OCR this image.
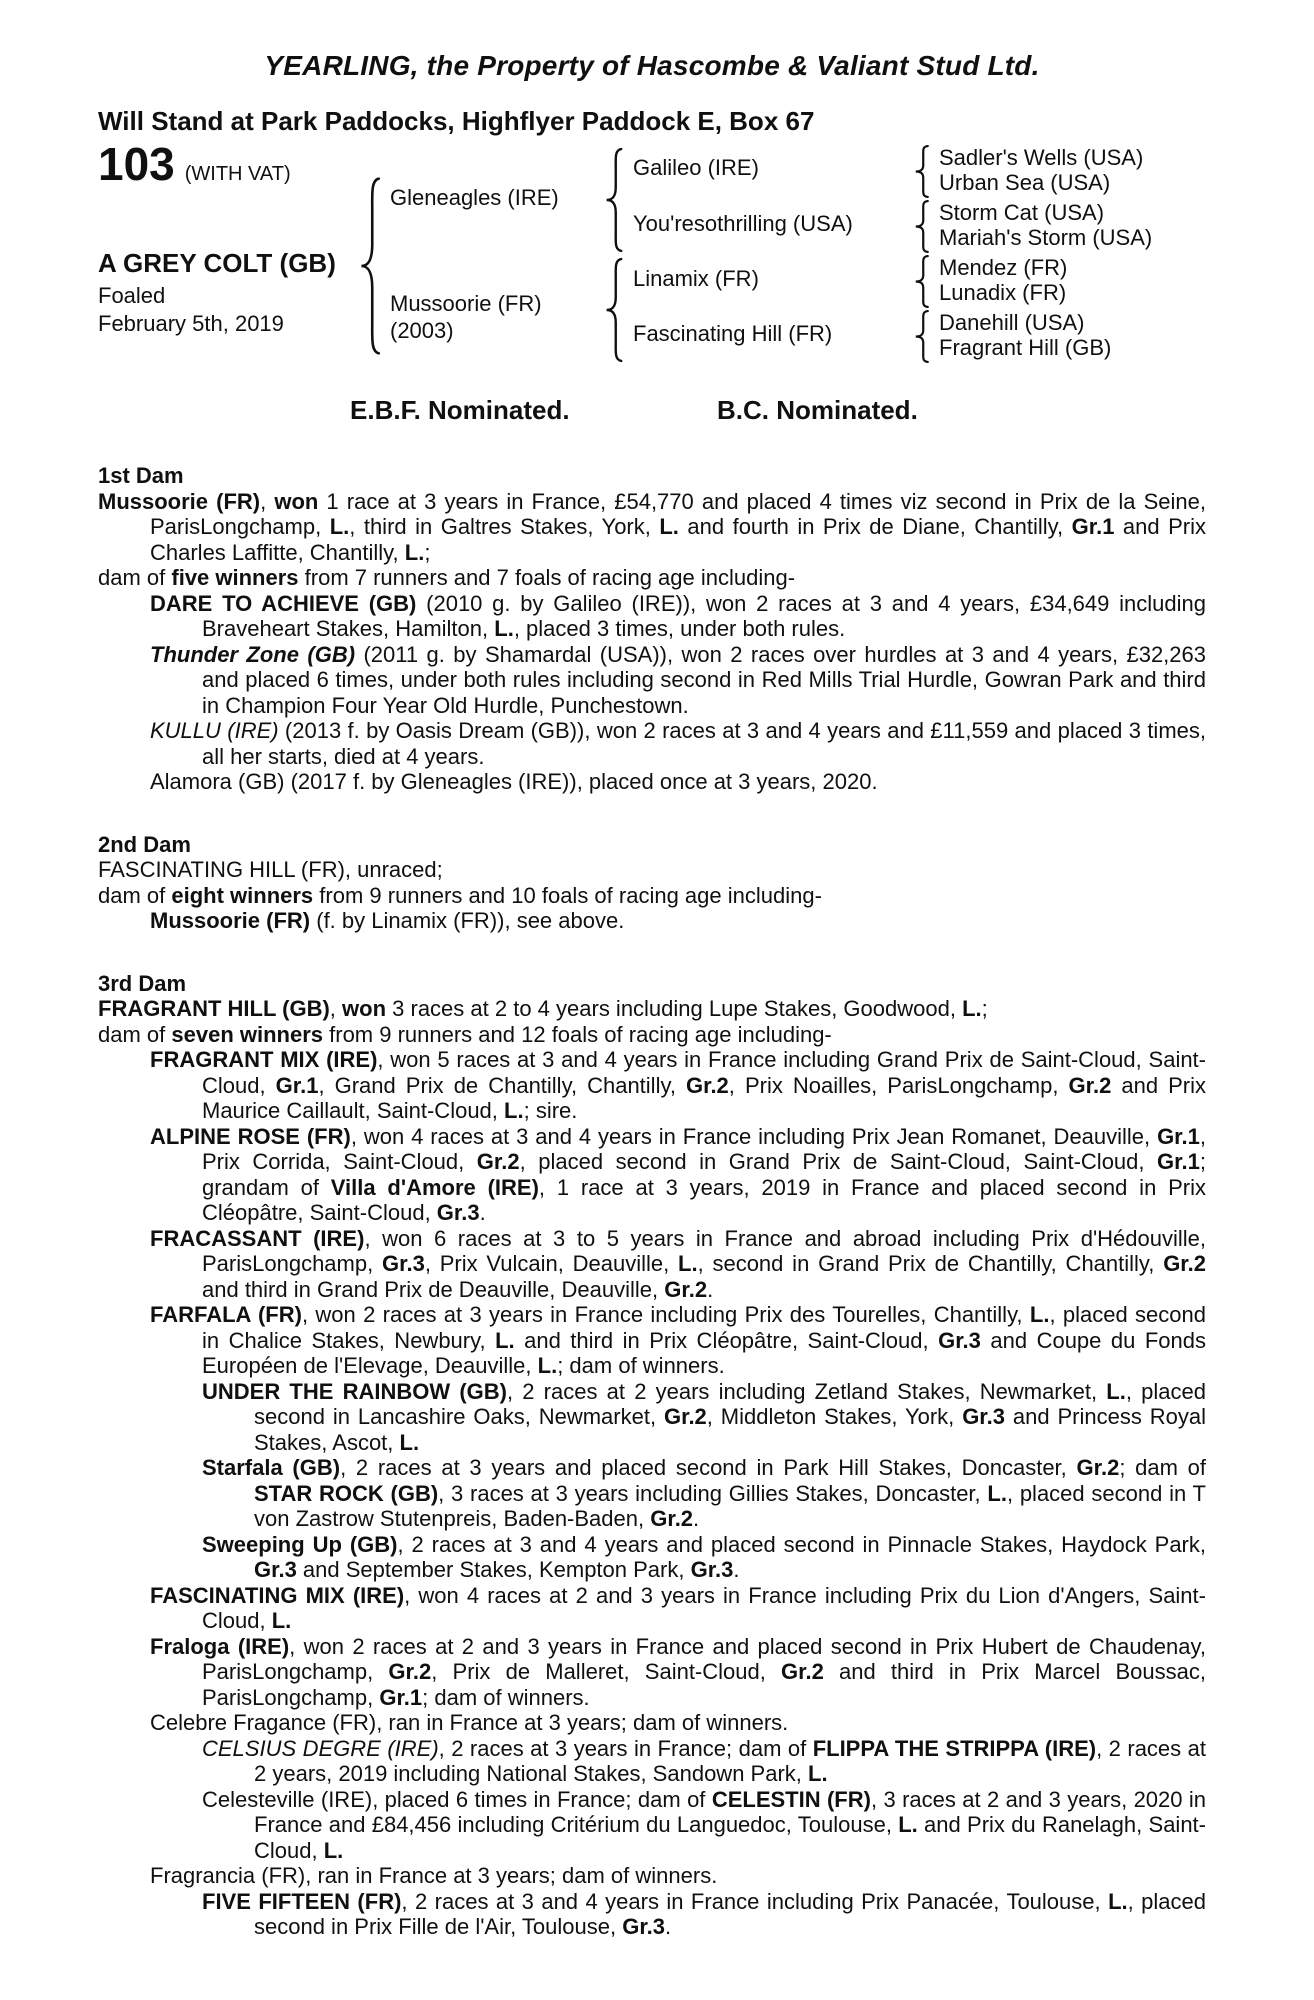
YEARLING, the Property of Hascombe & Valiant Stud Ltd.

Will Stand at Park Paddocks, Highflyer Paddock E, Box 67

103 (WITH VAT)
A GREY COLT (GB)
Foaled
February 5th, 2019
Gleneagles (IRE)
Mussoorie (FR)
(2003)
Galileo (IRE)
You'resothrilling (USA)
Linamix (FR)
Fascinating Hill (FR)
Sadler's Wells (USA)
Urban Sea (USA)
Storm Cat (USA)
Mariah's Storm (USA)
Mendez (FR)
Lunadix (FR)
Danehill (USA)
Fragrant Hill (GB)
E.B.F. Nominated.	B.C. Nominated.
1st Dam

Mussoorie (FR), won 1 race at 3 years in France, £54,770 and placed 4 times viz second in Prix de la Seine, ParisLongchamp, L., third in Galtres Stakes, York, L. and fourth in Prix de Diane, Chantilly, Gr.1 and Prix Charles Laffitte, Chantilly, L.;

dam of five winners from 7 runners and 7 foals of racing age including-

DARE TO ACHIEVE (GB) (2010 g. by Galileo (IRE)), won 2 races at 3 and 4 years, £34,649 including Braveheart Stakes, Hamilton, L., placed 3 times, under both rules.

Thunder Zone (GB) (2011 g. by Shamardal (USA)), won 2 races over hurdles at 3 and 4 years, £32,263 and placed 6 times, under both rules including second in Red Mills Trial Hurdle, Gowran Park and third in Champion Four Year Old Hurdle, Punchestown.

KULLU (IRE) (2013 f. by Oasis Dream (GB)), won 2 races at 3 and 4 years and £11,559 and placed 3 times, all her starts, died at 4 years.

Alamora (GB) (2017 f. by Gleneagles (IRE)), placed once at 3 years, 2020.

2nd Dam

FASCINATING HILL (FR), unraced;

dam of eight winners from 9 runners and 10 foals of racing age including-

Mussoorie (FR) (f. by Linamix (FR)), see above.

3rd Dam

FRAGRANT HILL (GB), won 3 races at 2 to 4 years including Lupe Stakes, Goodwood, L.;

dam of seven winners from 9 runners and 12 foals of racing age including-

FRAGRANT MIX (IRE), won 5 races at 3 and 4 years in France including Grand Prix de Saint-Cloud, Saint-Cloud, Gr.1, Grand Prix de Chantilly, Chantilly, Gr.2, Prix Noailles, ParisLongchamp, Gr.2 and Prix Maurice Caillault, Saint-Cloud, L.; sire.

ALPINE ROSE (FR), won 4 races at 3 and 4 years in France including Prix Jean Romanet, Deauville, Gr.1, Prix Corrida, Saint-Cloud, Gr.2, placed second in Grand Prix de Saint-Cloud, Saint-Cloud, Gr.1; grandam of Villa d'Amore (IRE), 1 race at 3 years, 2019 in France and placed second in Prix Cléopâtre, Saint-Cloud, Gr.3.

FRACASSANT (IRE), won 6 races at 3 to 5 years in France and abroad including Prix d'Hédouville, ParisLongchamp, Gr.3, Prix Vulcain, Deauville, L., second in Grand Prix de Chantilly, Chantilly, Gr.2 and third in Grand Prix de Deauville, Deauville, Gr.2.

FARFALA (FR), won 2 races at 3 years in France including Prix des Tourelles, Chantilly, L., placed second in Chalice Stakes, Newbury, L. and third in Prix Cléopâtre, Saint-Cloud, Gr.3 and Coupe du Fonds Européen de l'Elevage, Deauville, L.; dam of winners.

UNDER THE RAINBOW (GB), 2 races at 2 years including Zetland Stakes, Newmarket, L., placed second in Lancashire Oaks, Newmarket, Gr.2, Middleton Stakes, York, Gr.3 and Princess Royal Stakes, Ascot, L.

Starfala (GB), 2 races at 3 years and placed second in Park Hill Stakes, Doncaster, Gr.2; dam of STAR ROCK (GB), 3 races at 3 years including Gillies Stakes, Doncaster, L., placed second in T von Zastrow Stutenpreis, Baden-Baden, Gr.2.

Sweeping Up (GB), 2 races at 3 and 4 years and placed second in Pinnacle Stakes, Haydock Park, Gr.3 and September Stakes, Kempton Park, Gr.3.

FASCINATING MIX (IRE), won 4 races at 2 and 3 years in France including Prix du Lion d'Angers, Saint-Cloud, L.

Fraloga (IRE), won 2 races at 2 and 3 years in France and placed second in Prix Hubert de Chaudenay, ParisLongchamp, Gr.2, Prix de Malleret, Saint-Cloud, Gr.2 and third in Prix Marcel Boussac, ParisLongchamp, Gr.1; dam of winners.

Celebre Fragance (FR), ran in France at 3 years; dam of winners.

CELSIUS DEGRE (IRE), 2 races at 3 years in France; dam of FLIPPA THE STRIPPA (IRE), 2 races at 2 years, 2019 including National Stakes, Sandown Park, L.

Celesteville (IRE), placed 6 times in France; dam of CELESTIN (FR), 3 races at 2 and 3 years, 2020 in France and £84,456 including Critérium du Languedoc, Toulouse, L. and Prix du Ranelagh, Saint-Cloud, L.

Fragrancia (FR), ran in France at 3 years; dam of winners.

FIVE FIFTEEN (FR), 2 races at 3 and 4 years in France including Prix Panacée, Toulouse, L., placed second in Prix Fille de l'Air, Toulouse, Gr.3.
